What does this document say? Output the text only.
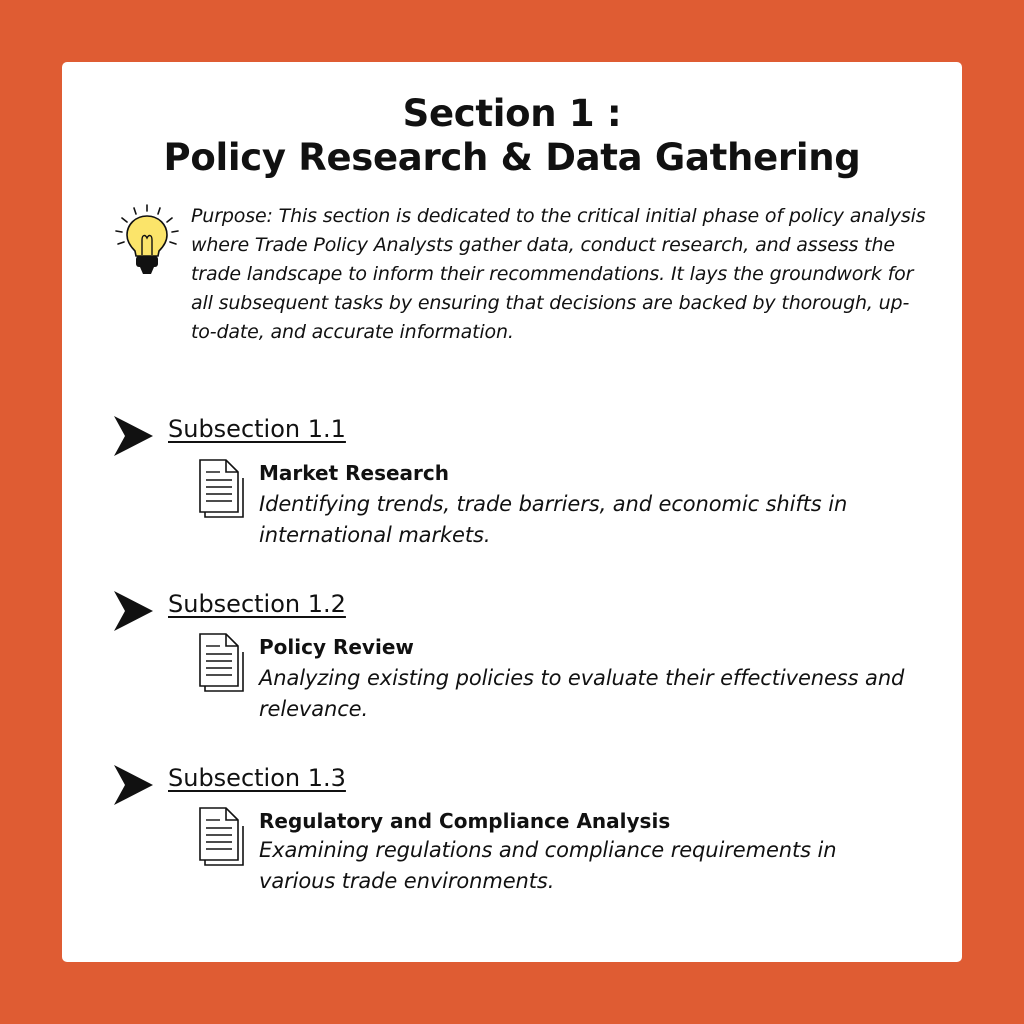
Section 1 :
Policy Research & Data Gathering

Purpose: This section is dedicated to the critical initial phase of policy analysis where Trade Policy Analysts gather data, conduct research, and assess the trade landscape to inform their recommendations. It lays the groundwork for all subsequent tasks by ensuring that decisions are backed by thorough, up-to-date, and accurate information.

Subsection 1.1
Market Research

Identifying trends, trade barriers, and economic shifts in international markets.

Subsection 1.2
Policy Review

Analyzing existing policies to evaluate their effectiveness and relevance.

Subsection 1.3
Regulatory and Compliance Analysis

Examining regulations and compliance requirements in various trade environments.
